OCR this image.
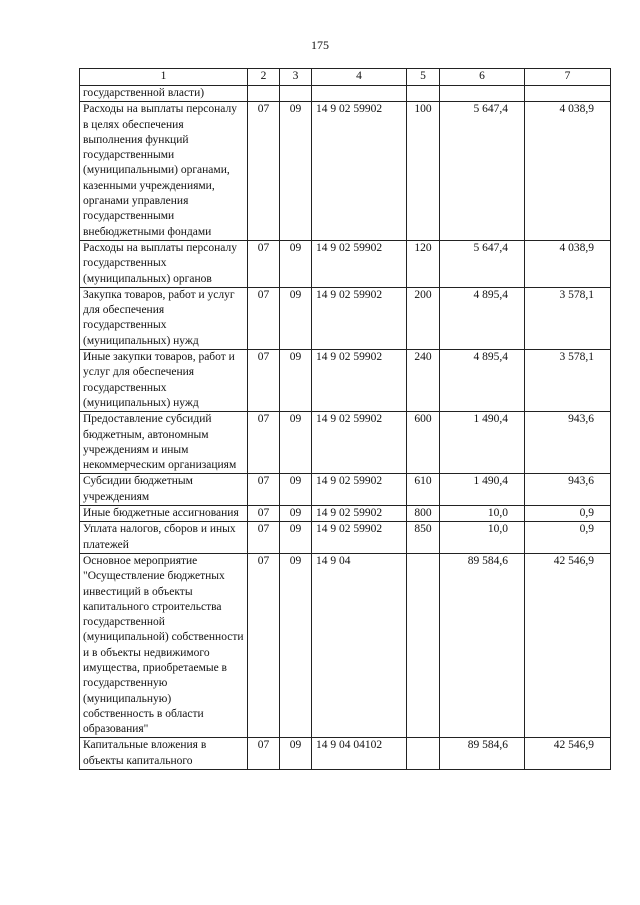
175
1	2	3	4	5	6	7
государственной власти)						
Расходы на выплаты персоналу в целях обеспечения выполнения функций государственными (муниципальными) органами, казенными учреждениями, органами управления государственными внебюджетными фондами	07	09	14 9 02 59902	100	5 647,4	4 038,9
Расходы на выплаты персоналу государственных (муниципальных) органов	07	09	14 9 02 59902	120	5 647,4	4 038,9
Закупка товаров, работ и услуг для обеспечения государственных (муниципальных) нужд	07	09	14 9 02 59902	200	4 895,4	3 578,1
Иные закупки товаров, работ и услуг для обеспечения государственных (муниципальных) нужд	07	09	14 9 02 59902	240	4 895,4	3 578,1
Предоставление субсидий бюджетным, автономным учреждениям и иным некоммерческим организациям	07	09	14 9 02 59902	600	1 490,4	943,6
Субсидии бюджетным учреждениям	07	09	14 9 02 59902	610	1 490,4	943,6
Иные бюджетные ассигнования	07	09	14 9 02 59902	800	10,0	0,9
Уплата налогов, сборов и иных платежей	07	09	14 9 02 59902	850	10,0	0,9
Основное мероприятие "Осуществление бюджетных инвестиций в объекты капитального строительства государственной (муниципальной) собственности и в объекты недвижимого имущества, приобретаемые в государственную (муниципальную) собственность в области образования"	07	09	14 9 04		89 584,6	42 546,9
Капитальные вложения в объекты капитального	07	09	14 9 04 04102		89 584,6	42 546,9
